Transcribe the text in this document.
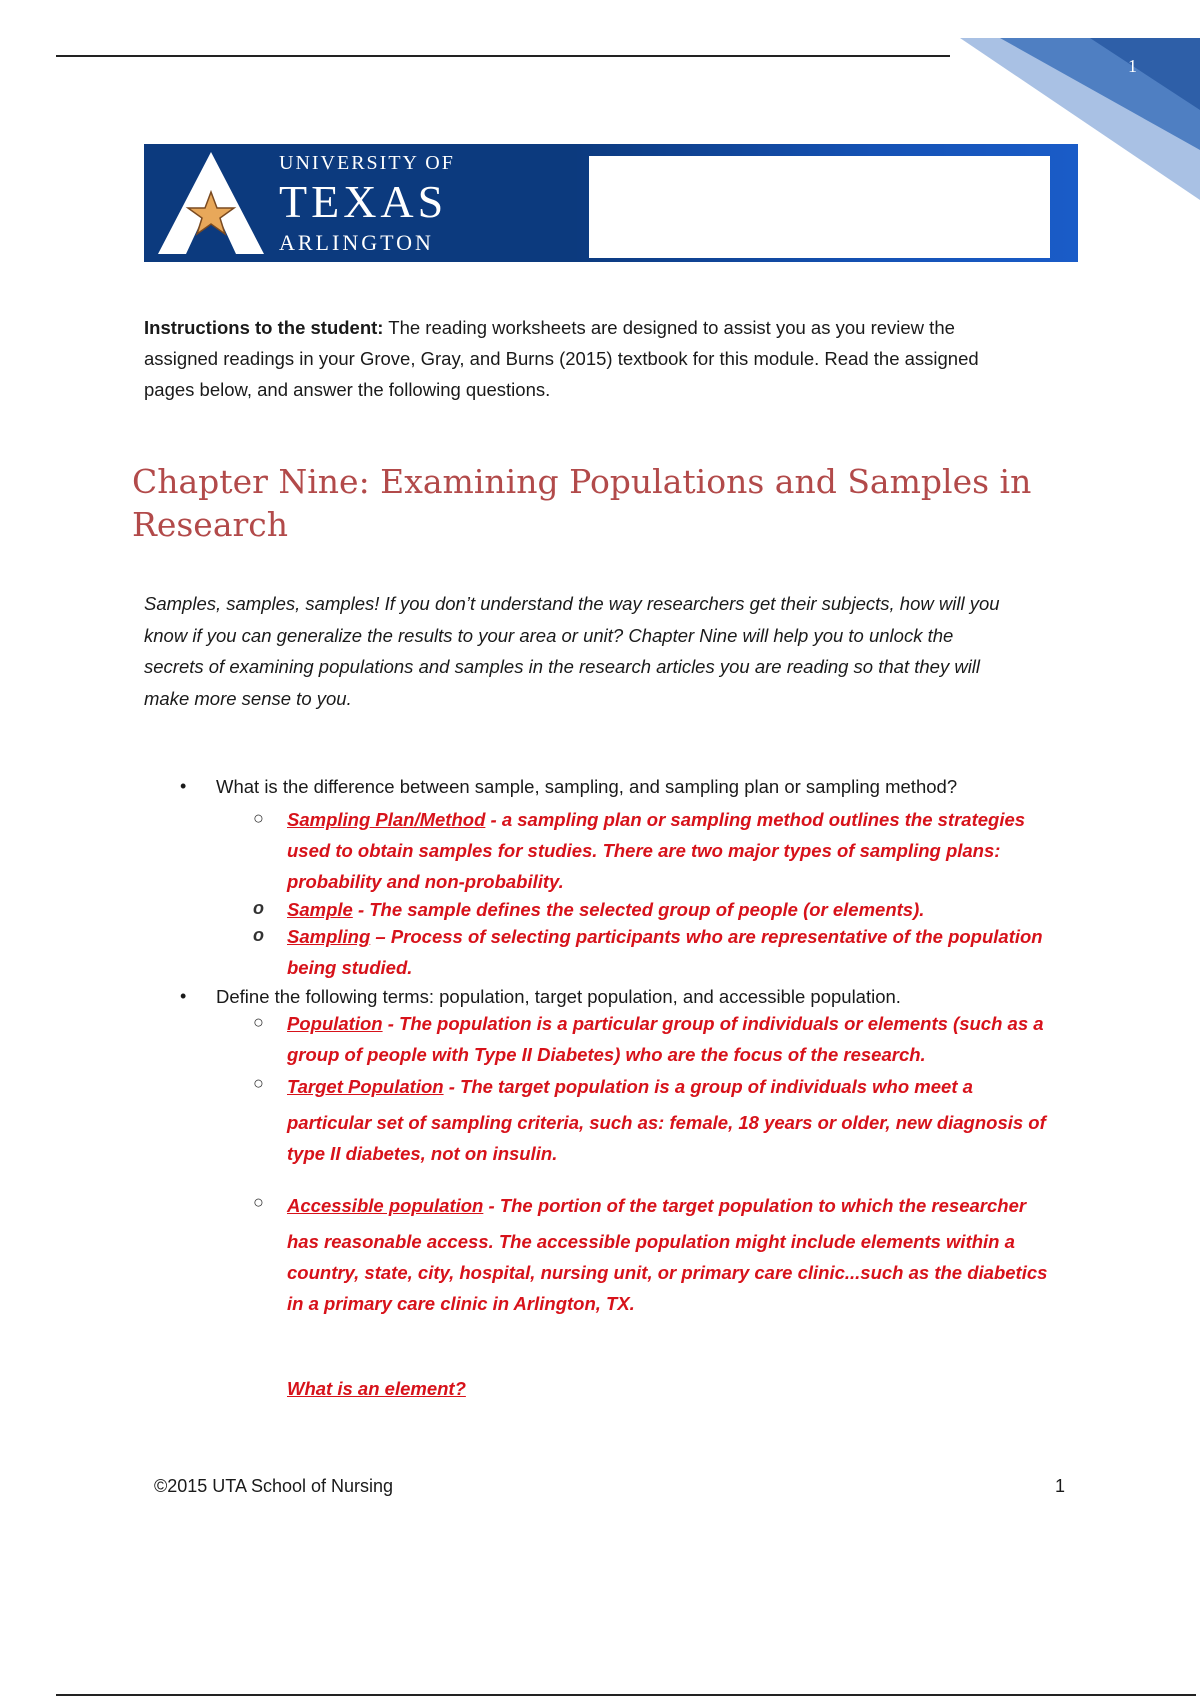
1
UNIVERSITY OF
TEXAS
ARLINGTON
Instructions to the student: The reading worksheets are designed to assist you as you review the
assigned readings in your Grove, Gray, and Burns (2015) textbook for this module. Read the assigned
pages below, and answer the following questions.
Chapter Nine: Examining Populations and Samples in
Research
Samples, samples, samples! If you don’t understand the way researchers get their subjects, how will you
know if you can generalize the results to your area or unit? Chapter Nine will help you to unlock the
secrets of examining populations and samples in the research articles you are reading so that they will
make more sense to you.
• What is the difference between sample, sampling, and sampling plan or sampling method?
○ Sampling Plan/Method - a sampling plan or sampling method outlines the strategies
used to obtain samples for studies. There are two major types of sampling plans:
probability and non-probability.
o Sample - The sample defines the selected group of people (or elements).
o Sampling – Process of selecting participants who are representative of the population
being studied.
• Define the following terms: population, target population, and accessible population.
○ Population - The population is a particular group of individuals or elements (such as a
group of people with Type II Diabetes) who are the focus of the research.
○ Target Population - The target population is a group of individuals who meet a
particular set of sampling criteria, such as: female, 18 years or older, new diagnosis of
type II diabetes, not on insulin.
○ Accessible population - The portion of the target population to which the researcher
has reasonable access. The accessible population might include elements within a
country, state, city, hospital, nursing unit, or primary care clinic...such as the diabetics
in a primary care clinic in Arlington, TX.
What is an element?
©2015 UTA School of Nursing	1
